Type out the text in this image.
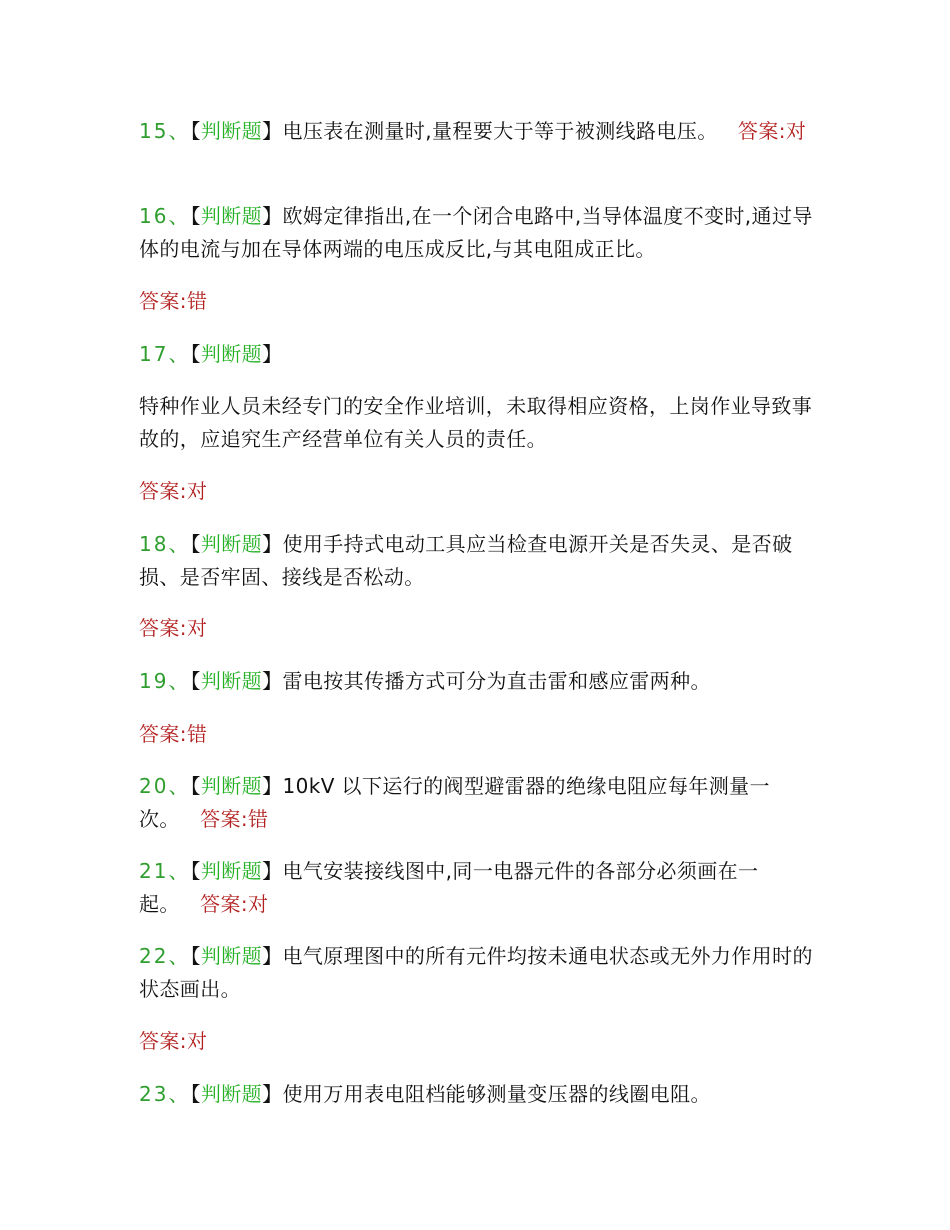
15、【判断题】电压表在测量时,量程要大于等于被测线路电压。 答案:对
16、【判断题】欧姆定律指出,在一个闭合电路中,当导体温度不变时,通过导体的电流与加在导体两端的电压成反比,与其电阻成正比。
答案:错
17、【判断题】
特种作业人员未经专门的安全作业培训，未取得相应资格，上岗作业导致事故的，应追究生产经营单位有关人员的责任。
答案:对
18、【判断题】使用手持式电动工具应当检查电源开关是否失灵、是否破损、是否牢固、接线是否松动。
答案:对
19、【判断题】雷电按其传播方式可分为直击雷和感应雷两种。
答案:错
20、【判断题】10kV 以下运行的阀型避雷器的绝缘电阻应每年测量一次。 答案:错
21、【判断题】电气安装接线图中,同一电器元件的各部分必须画在一起。 答案:对
22、【判断题】电气原理图中的所有元件均按未通电状态或无外力作用时的状态画出。
答案:对
23、【判断题】使用万用表电阻档能够测量变压器的线圈电阻。
